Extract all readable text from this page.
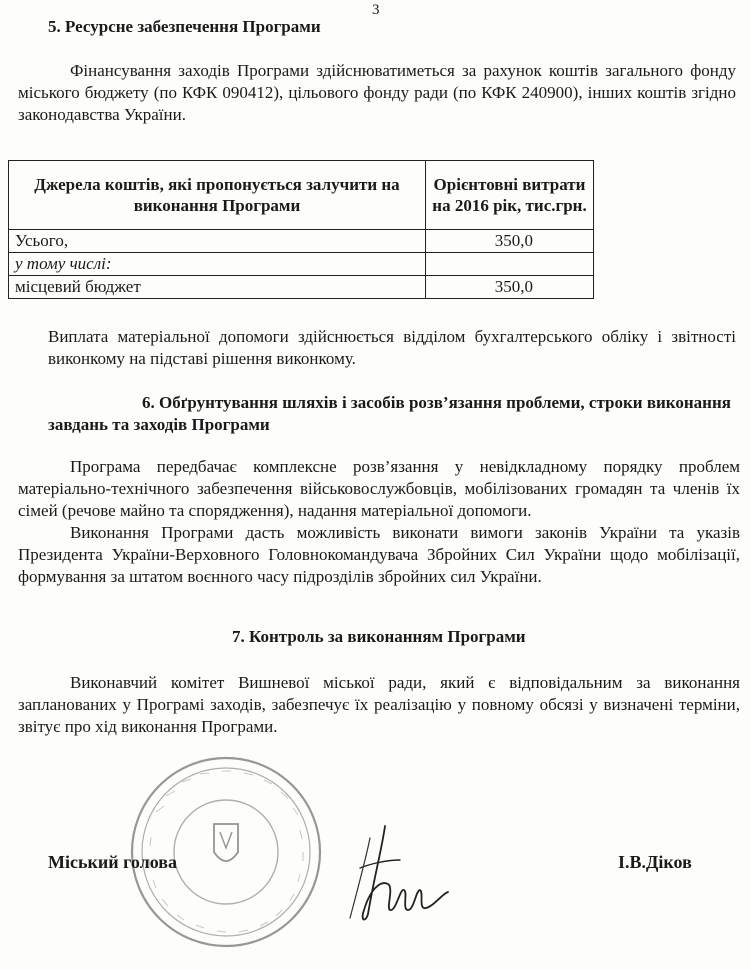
3
5. Ресурсне забезпечення Програми

Фінансування заходів Програми здійснюватиметься за рахунок коштів загального фонду міського бюджету (по КФК 090412), цільового фонду ради (по КФК 240900), інших коштів згідно законодавства України.

Джерела коштів, які пропонується залучити на виконання Програми	Орієнтовні витрати на 2016 рік, тис.грн.
Усього,	350,0
у тому числі:	
місцевий бюджет	350,0

Виплата матеріальної допомоги здійснюється відділом бухгалтерського обліку і звітності виконкому на підставі рішення виконкому.

6. Обґрунтування шляхів і засобів розв’язання проблеми, строки виконання завдань та заходів Програми

Програма передбачає комплексне розв’язання у невідкладному порядку проблем матеріально-технічного забезпечення військовослужбовців, мобілізованих громадян та членів їх сімей (речове майно та спорядження), надання матеріальної допомоги.

Виконання Програми дасть можливість виконати вимоги законів України та указів Президента України-Верховного Головнокомандувача Збройних Сил України щодо мобілізації, формування за штатом воєнного часу підрозділів збройних сил України.

7. Контроль за виконанням Програми

Виконавчий комітет Вишневої міської ради, який є відповідальним за виконання запланованих у Програмі заходів, забезпечує їх реалізацію у повному обсязі у визначені терміни, звітує про хід виконання Програми.

Міський голова	І.В.Діков
